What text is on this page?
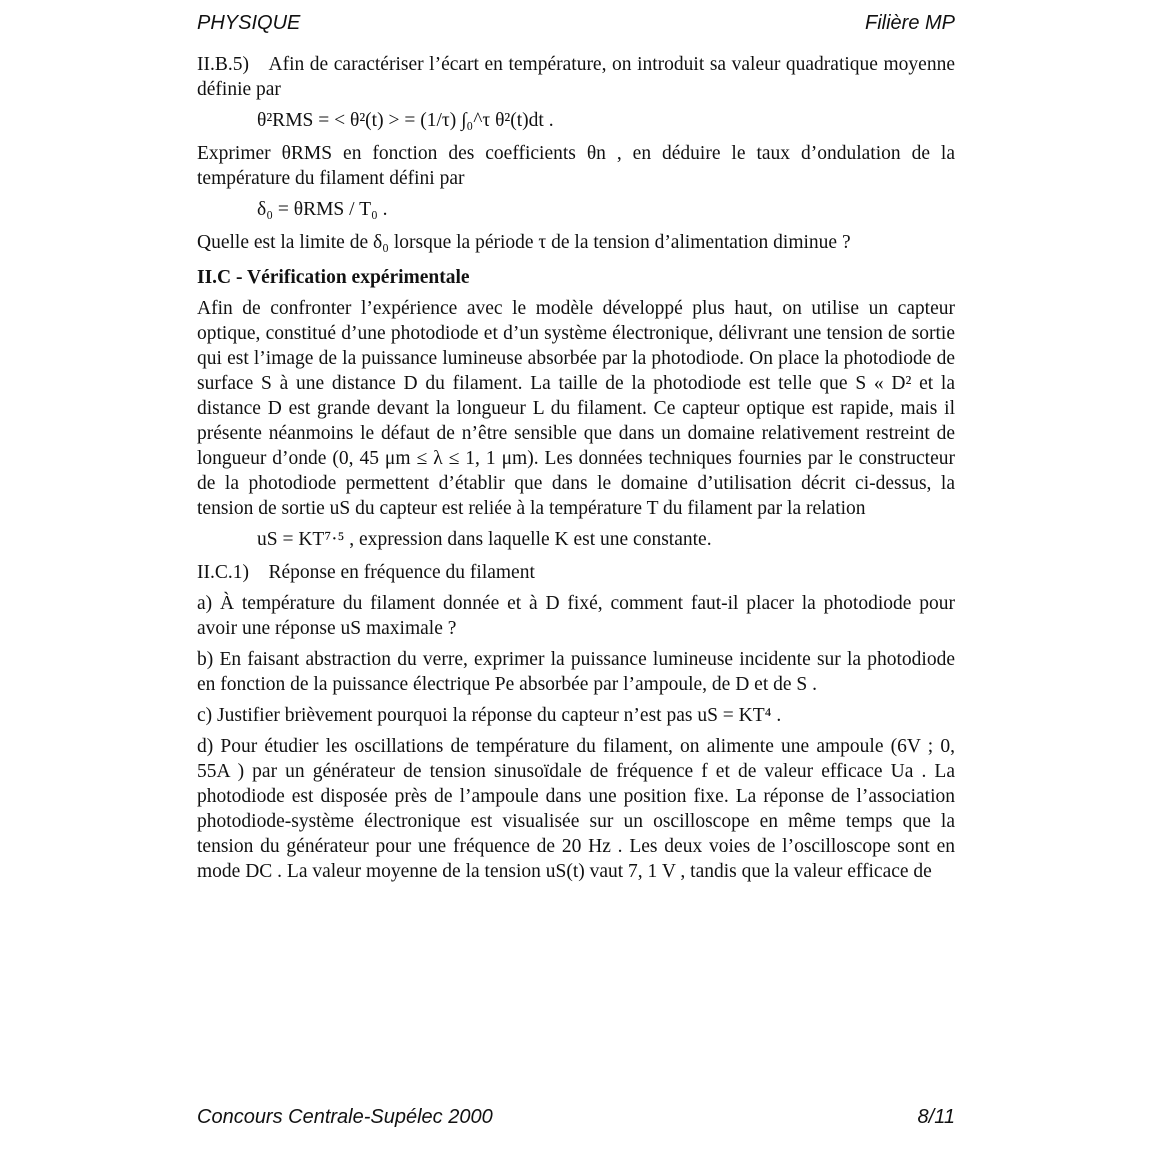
PHYSIQUE	Filière MP

II.B.5) Afin de caractériser l’écart en température, on introduit sa valeur quadratique moyenne définie par

θ²RMS = < θ²(t) > = (1/τ) ∫₀^τ θ²(t)dt .

Exprimer θRMS en fonction des coefficients θn , en déduire le taux d’ondulation de la température du filament défini par

δ₀ = θRMS / T₀ .

Quelle est la limite de δ₀ lorsque la période τ de la tension d’alimentation diminue ?

II.C - Vérification expérimentale

Afin de confronter l’expérience avec le modèle développé plus haut, on utilise un capteur optique, constitué d’une photodiode et d’un système électronique, délivrant une tension de sortie qui est l’image de la puissance lumineuse absorbée par la photodiode. On place la photodiode de surface S à une distance D du filament. La taille de la photodiode est telle que S « D² et la distance D est grande devant la longueur L du filament. Ce capteur optique est rapide, mais il présente néanmoins le défaut de n’être sensible que dans un domaine relativement restreint de longueur d’onde (0, 45 μm ≤ λ ≤ 1, 1 μm). Les données techniques fournies par le constructeur de la photodiode permettent d’établir que dans le domaine d’utilisation décrit ci-dessus, la tension de sortie uS du capteur est reliée à la température T du filament par la relation

uS = KT⁷·⁵ , expression dans laquelle K est une constante.

II.C.1) Réponse en fréquence du filament

a) À température du filament donnée et à D fixé, comment faut-il placer la photodiode pour avoir une réponse uS maximale ?

b) En faisant abstraction du verre, exprimer la puissance lumineuse incidente sur la photodiode en fonction de la puissance électrique Pe absorbée par l’ampoule, de D et de S .

c) Justifier brièvement pourquoi la réponse du capteur n’est pas uS = KT⁴ .

d) Pour étudier les oscillations de température du filament, on alimente une ampoule (6V ; 0, 55A ) par un générateur de tension sinusoïdale de fréquence f et de valeur efficace Ua . La photodiode est disposée près de l’ampoule dans une position fixe. La réponse de l’association photodiode-système électronique est visualisée sur un oscilloscope en même temps que la tension du générateur pour une fréquence de 20 Hz . Les deux voies de l’oscilloscope sont en mode DC . La valeur moyenne de la tension uS(t) vaut 7, 1 V , tandis que la valeur efficace de

Concours Centrale-Supélec 2000	8/11
